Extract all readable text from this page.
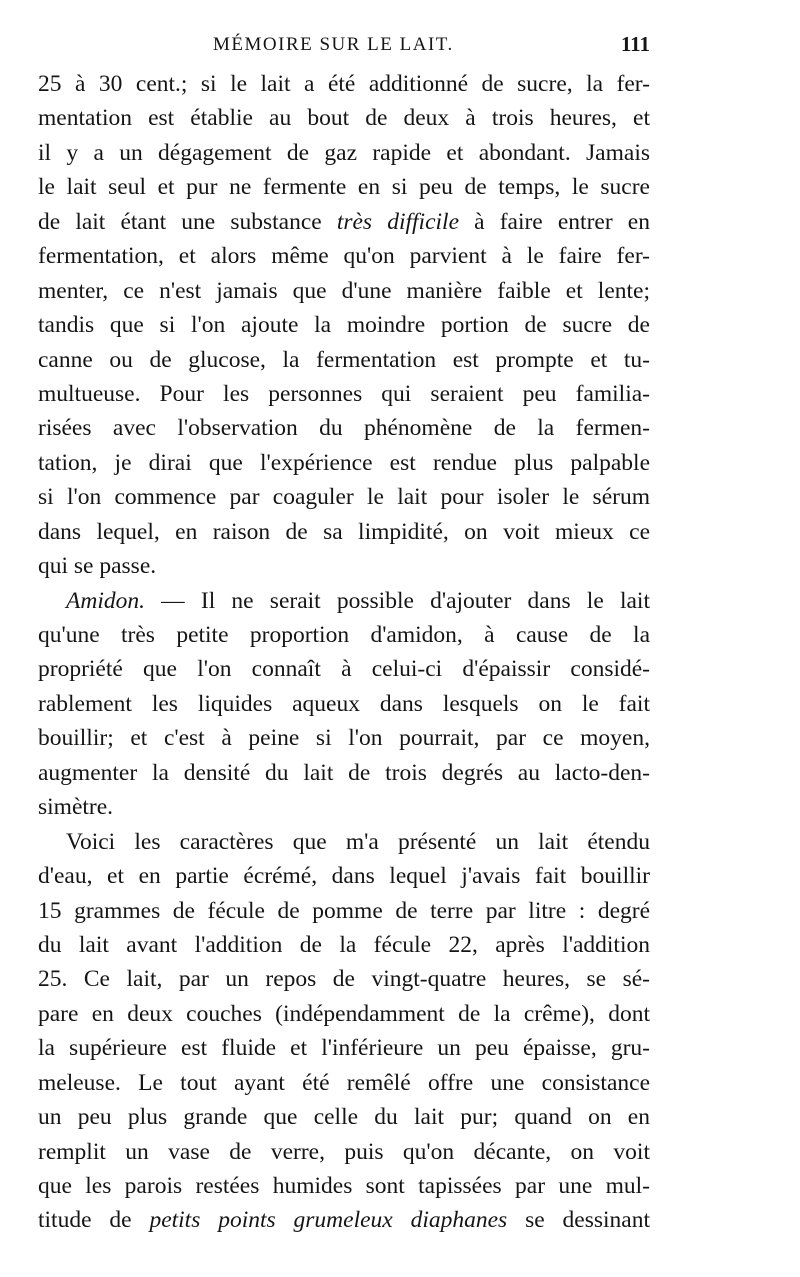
MÉMOIRE SUR LE LAIT.	111
25 à 30 cent.; si le lait a été additionné de sucre, la fer-
mentation est établie au bout de deux à trois heures, et
il y a un dégagement de gaz rapide et abondant. Jamais
le lait seul et pur ne fermente en si peu de temps, le sucre
de lait étant une substance très difficile à faire entrer en
fermentation, et alors même qu'on parvient à le faire fer-
menter, ce n'est jamais que d'une manière faible et lente;
tandis que si l'on ajoute la moindre portion de sucre de
canne ou de glucose, la fermentation est prompte et tu-
multueuse. Pour les personnes qui seraient peu familia-
risées avec l'observation du phénomène de la fermen-
tation, je dirai que l'expérience est rendue plus palpable
si l'on commence par coaguler le lait pour isoler le sérum
dans lequel, en raison de sa limpidité, on voit mieux ce
qui se passe.
Amidon. — Il ne serait possible d'ajouter dans le lait
qu'une très petite proportion d'amidon, à cause de la
propriété que l'on connaît à celui-ci d'épaissir considé-
rablement les liquides aqueux dans lesquels on le fait
bouillir; et c'est à peine si l'on pourrait, par ce moyen,
augmenter la densité du lait de trois degrés au lacto-den-
simètre.
Voici les caractères que m'a présenté un lait étendu
d'eau, et en partie écrémé, dans lequel j'avais fait bouillir
15 grammes de fécule de pomme de terre par litre : degré
du lait avant l'addition de la fécule 22, après l'addition
25. Ce lait, par un repos de vingt-quatre heures, se sé-
pare en deux couches (indépendamment de la crême), dont
la supérieure est fluide et l'inférieure un peu épaisse, gru-
meleuse. Le tout ayant été remêlé offre une consistance
un peu plus grande que celle du lait pur; quand on en
remplit un vase de verre, puis qu'on décante, on voit
que les parois restées humides sont tapissées par une mul-
titude de petits points grumeleux diaphanes se dessinant
